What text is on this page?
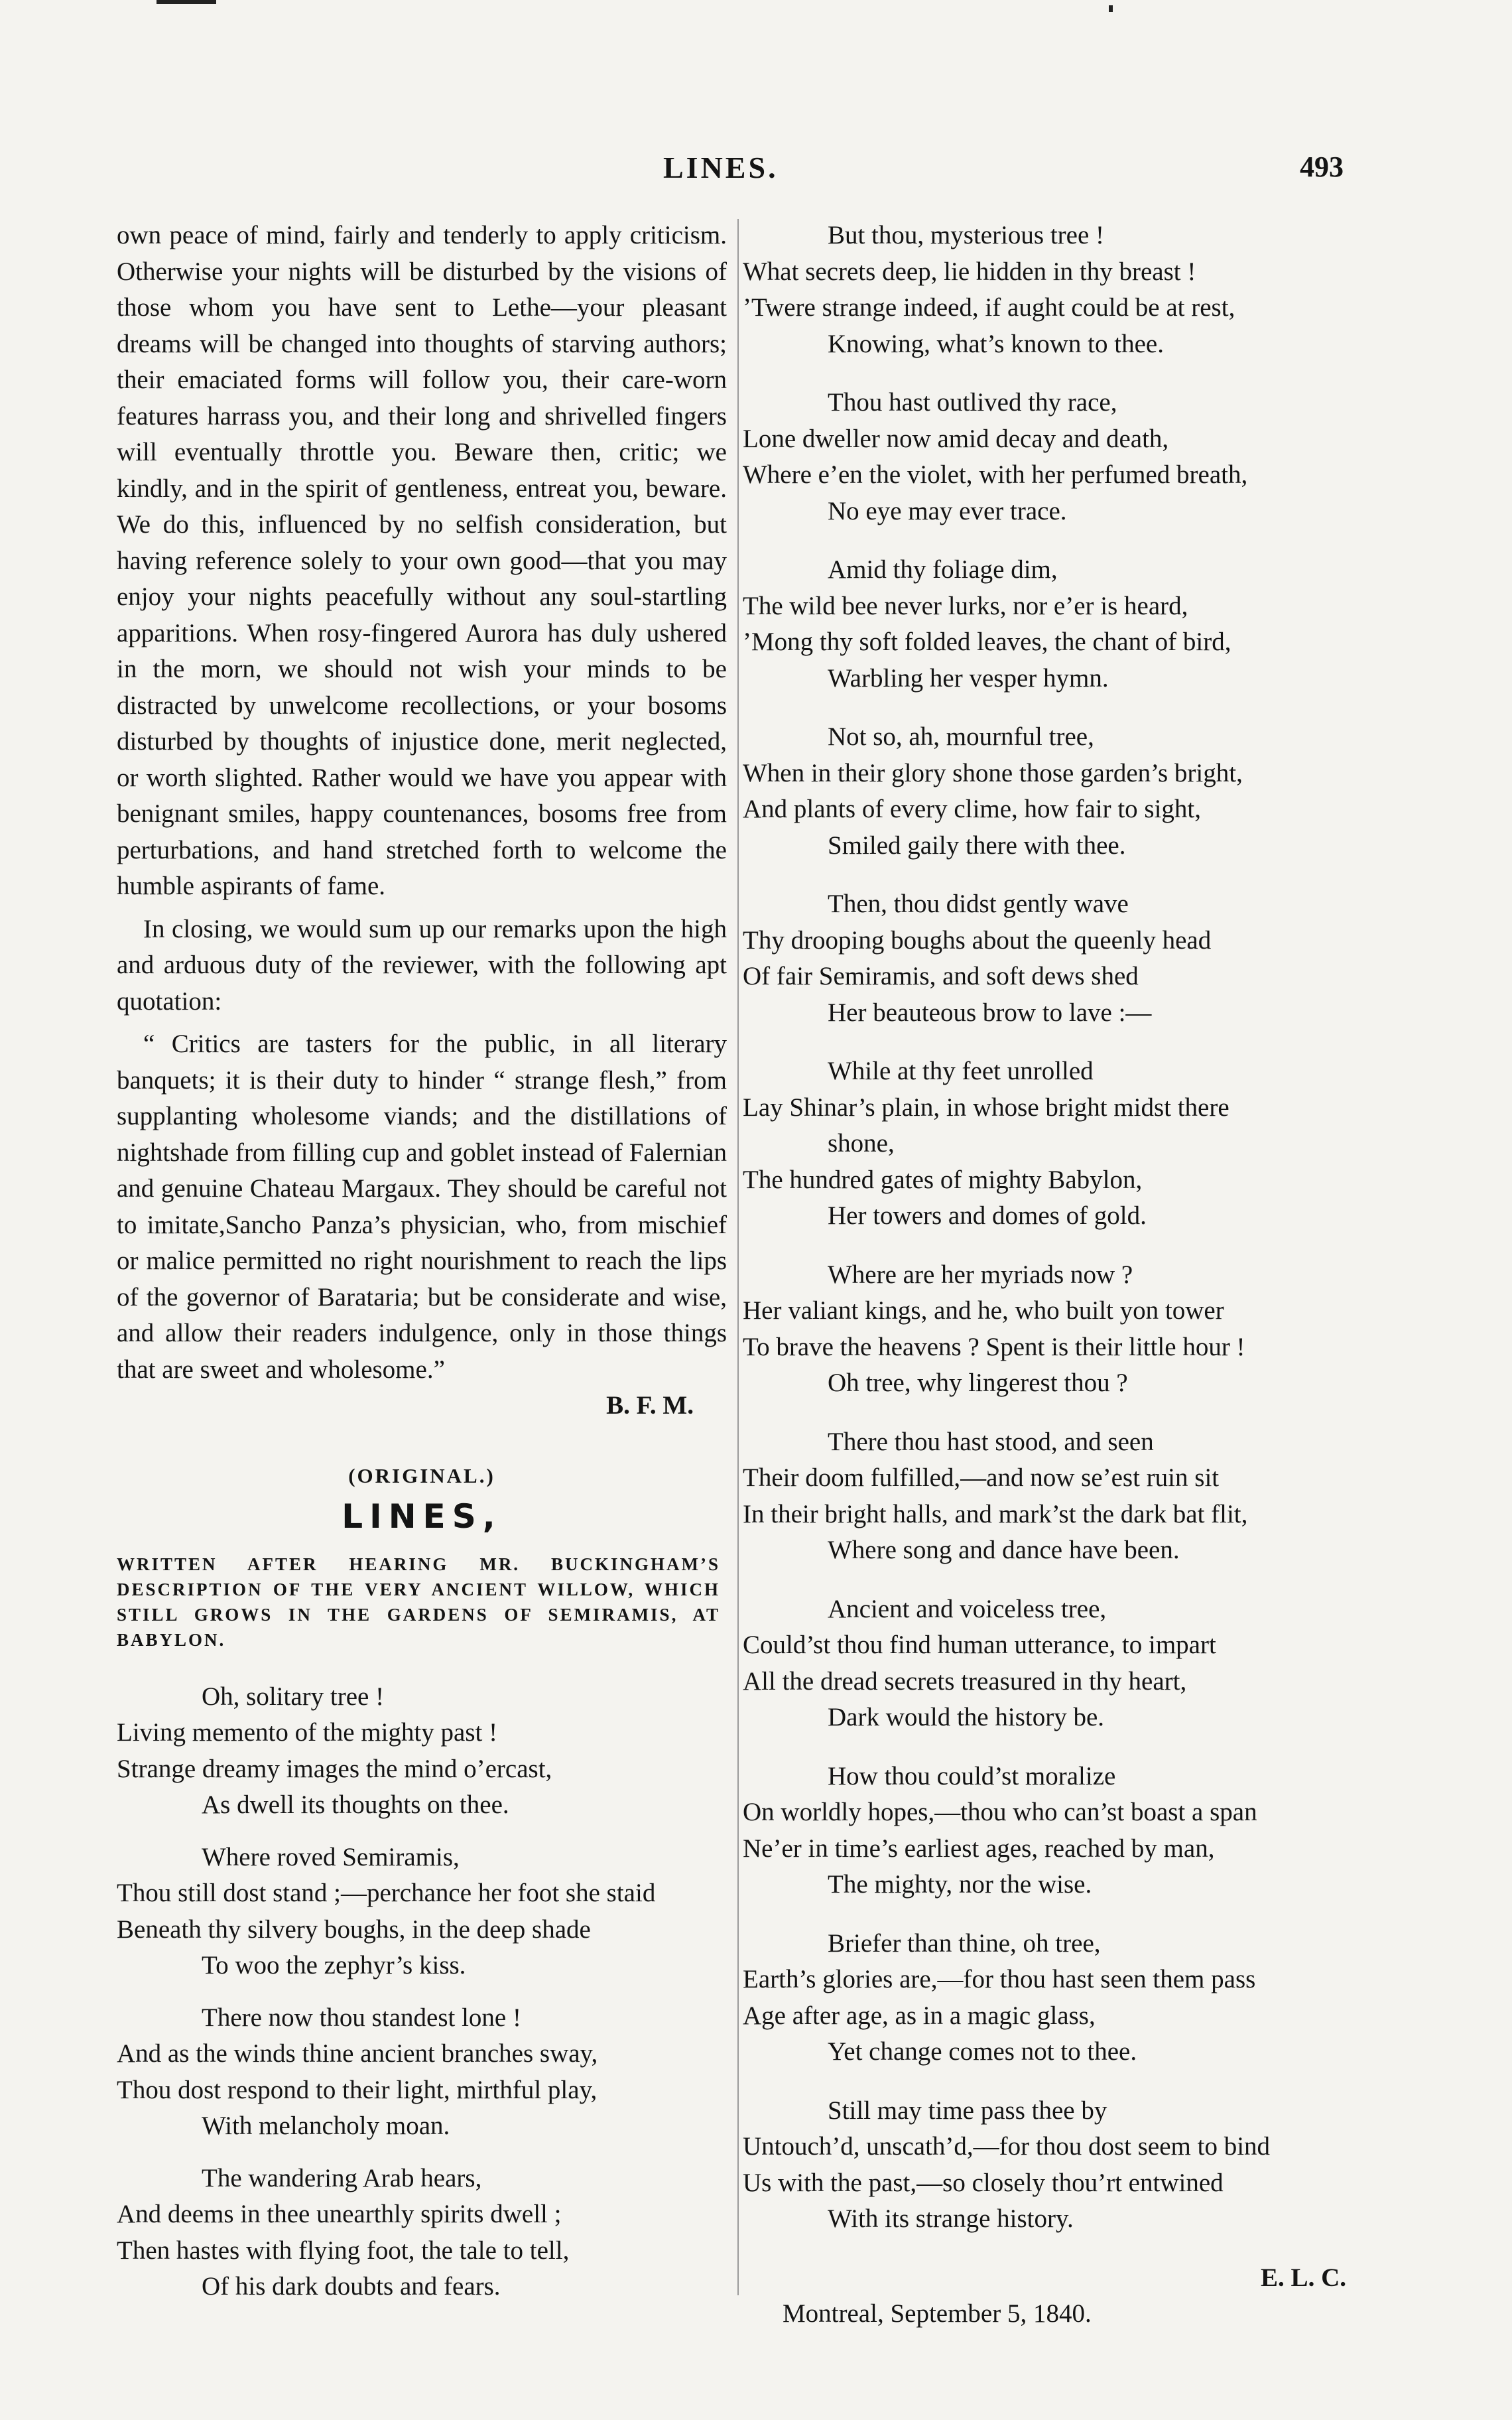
LINES.	493

own peace of mind, fairly and tenderly to apply criticism. Otherwise your nights will be disturbed by the visions of those whom you have sent to Lethe—your pleasant dreams will be changed into thoughts of starving authors; their emaciated forms will follow you, their care-worn features harrass you, and their long and shrivelled fingers will eventually throttle you. Beware then, critic; we kindly, and in the spirit of gentleness, entreat you, beware. We do this, influenced by no selfish consideration, but having reference solely to your own good—that you may enjoy your nights peacefully without any soul-startling apparitions. When rosy-fingered Aurora has duly ushered in the morn, we should not wish your minds to be distracted by unwelcome recollections, or your bosoms disturbed by thoughts of injustice done, merit neglected, or worth slighted. Rather would we have you appear with benignant smiles, happy countenances, bosoms free from perturbations, and hand stretched forth to welcome the humble aspirants of fame.

In closing, we would sum up our remarks upon the high and arduous duty of the reviewer, with the following apt quotation:

“ Critics are tasters for the public, in all literary banquets; it is their duty to hinder “ strange flesh,” from supplanting wholesome viands; and the distillations of nightshade from filling cup and goblet instead of Falernian and genuine Chateau Margaux. They should be careful not to imitate,Sancho Panza’s physician, who, from mischief or malice permitted no right nourishment to reach the lips of the governor of Barataria; but be considerate and wise, and allow their readers indulgence, only in those things that are sweet and wholesome.”

B. F. M.
(ORIGINAL.)
LINES,
WRITTEN AFTER HEARING MR. BUCKINGHAM’S DESCRIPTION OF THE VERY ANCIENT WILLOW, WHICH STILL GROWS IN THE GARDENS OF SEMIRAMIS, AT BABYLON.
Oh, solitary tree !
Living memento of the mighty past !
Strange dreamy images the mind o’ercast,
As dwell its thoughts on thee.
Where roved Semiramis,
Thou still dost stand ;—perchance her foot she staid
Beneath thy silvery boughs, in the deep shade
To woo the zephyr’s kiss.
There now thou standest lone !
And as the winds thine ancient branches sway,
Thou dost respond to their light, mirthful play,
With melancholy moan.
The wandering Arab hears,
And deems in thee unearthly spirits dwell ;
Then hastes with flying foot, the tale to tell,
Of his dark doubts and fears.
But thou, mysterious tree !
What secrets deep, lie hidden in thy breast !
’Twere strange indeed, if aught could be at rest,
Knowing, what’s known to thee.
Thou hast outlived thy race,
Lone dweller now amid decay and death,
Where e’en the violet, with her perfumed breath,
No eye may ever trace.
Amid thy foliage dim,
The wild bee never lurks, nor e’er is heard,
’Mong thy soft folded leaves, the chant of bird,
Warbling her vesper hymn.
Not so, ah, mournful tree,
When in their glory shone those garden’s bright,
And plants of every clime, how fair to sight,
Smiled gaily there with thee.
Then, thou didst gently wave
Thy drooping boughs about the queenly head
Of fair Semiramis, and soft dews shed
Her beauteous brow to lave :—
While at thy feet unrolled
Lay Shinar’s plain, in whose bright midst there
shone,
The hundred gates of mighty Babylon,
Her towers and domes of gold.
Where are her myriads now ?
Her valiant kings, and he, who built yon tower
To brave the heavens ? Spent is their little hour !
Oh tree, why lingerest thou ?
There thou hast stood, and seen
Their doom fulfilled,—and now se’est ruin sit
In their bright halls, and mark’st the dark bat flit,
Where song and dance have been.
Ancient and voiceless tree,
Could’st thou find human utterance, to impart
All the dread secrets treasured in thy heart,
Dark would the history be.
How thou could’st moralize
On worldly hopes,—thou who can’st boast a span
Ne’er in time’s earliest ages, reached by man,
The mighty, nor the wise.
Briefer than thine, oh tree,
Earth’s glories are,—for thou hast seen them pass
Age after age, as in a magic glass,
Yet change comes not to thee.
Still may time pass thee by
Untouch’d, unscath’d,—for thou dost seem to bind
Us with the past,—so closely thou’rt entwined
With its strange history.
E. L. C.
Montreal, September 5, 1840.
